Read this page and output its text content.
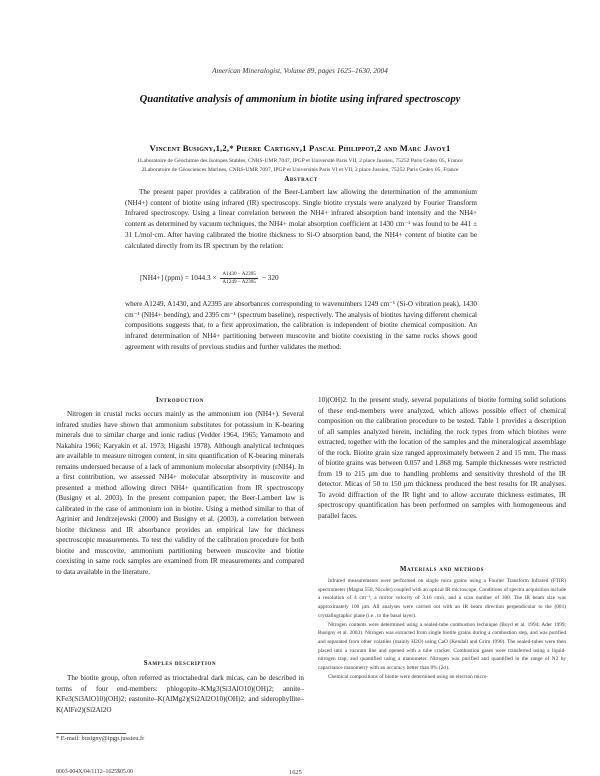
American Mineralogist, Volume 89, pages 1625–1630, 2004
Quantitative analysis of ammonium in biotite using infrared spectroscopy
Vincent Busigny,1,2,* Pierre Cartigny,1 Pascal Philippot,2 and Marc Javoy1
1Laboratoire de Géochimie des Isotopes Stables, CNRS-UMR 7047, IPGP et Université Paris VII, 2 place Jussieu, 75252 Paris Cedex 05, France
2Laboratoire de Géosciences Marines, CNRS-UMR 7097, IPGP et Universités Paris VI et VII, 2 place Jussieu, 75252 Paris Cedex 05, France
Abstract

The present paper provides a calibration of the Beer-Lambert law allowing the determination of the ammonium (NH4+) content of biotite using infrared (IR) spectroscopy. Single biotite crystals were analyzed by Fourier Transform Infrared spectroscopy. Using a linear correlation between the NH4+ infrared absorption band intensity and the NH4+ content as determined by vacuum techniques, the NH4+ molar absorption coefficient at 1430 cm⁻¹ was found to be 441 ± 31 L/mol·cm. After having calibrated the biotite thickness to Si-O absorption band, the NH4+ content of biotite can be calculated directly from its IR spectrum by the relation:

[NH4+] $(ppm) = 1044.3 \times \frac{A1430 - A2395}{A1249 - A2395} - 320$

where A1249, A1430, and A2395 are absorbances corresponding to wavenumbers 1249 cm⁻¹ (Si-O vibration peak), 1430 cm⁻¹ (NH4+ bending), and 2395 cm⁻¹ (spectrum baseline), respectively. The analysis of biotites having different chemical compositions suggests that, to a first approximation, the calibration is independent of biotite chemical composition. An infrared determination of NH4+ partitioning between muscovite and biotite coexisting in the same rocks shows good agreement with results of previous studies and further validates the method.

Introduction

Nitrogen in crustal rocks occurs mainly as the ammonium ion (NH4+). Several infrared studies have shown that ammonium substitutes for potassium in K-bearing minerals due to similar charge and ionic radius (Vedder 1964, 1965; Yamamoto and Nakahira 1966; Karyakin et al. 1973; Higashi 1978). Although analytical techniques are available to measure nitrogen content, in situ quantification of K-bearing minerals remains undersued because of a lack of ammonium molecular absorptivity (εNH4). In a first contribution, we assessed NH4+ molecular absorptivity in muscovite and presented a method allowing direct NH4+ quantification from IR spectroscopy (Busigny et al. 2003). In the present companion paper, the Beer-Lambert law is calibrated in the case of ammonium ion in biotite. Using a method similar to that of Agrinier and Jendrzejewski (2000) and Busigny et al. (2003), a correlation between biotite thickness and IR absorbance provides an empirical law for thickness spectroscopic measurements. To test the validity of the calibration procedure for both biotite and muscovite, ammonium partitioning between muscovite and biotite coexisting in same rock samples are examined from IR measurements and compared to data available in the literature.

Samples description

The biotite group, often referred as trioctahedral dark micas, can be described in terms of four end-members: phlogopite–KMg3(Si3AlO10)(OH)2; annite–KFe3(Si3AlO10)(OH)2; eastonite–K(AlMg2)(Si2Al2O10)(OH)2; and siderophyllite–K(AlFe2)(Si2Al2O

10)(OH)2. In the present study, several populations of biotite forming solid solutions of these end-members were analyzed, which allows possible effect of chemical composition on the calibration procedure to be tested. Table 1 provides a description of all samples analyzed herein, including the rock types from which biotites were extracted, together with the location of the samples and the mineralogical assemblage of the rock. Biotite grain size ranged approximately between 2 and 15 mm. The mass of biotite grains was between 0.057 and 1.868 mg. Sample thicknesses were restricted from 19 to 215 μm due to handling problems and sensitivity threshold of the IR detector. Micas of 50 to 150 μm thickness produced the best results for IR analyses. To avoid diffraction of the IR light and to allow accurate thickness estimates, IR spectroscopy quantification has been performed on samples with homogeneous and parallel faces.

Materials and methods

Infrared measurements were performed on single mica grains using a Fourier Transform Infrared (FTIR) spectrometer (Magna 550, Nicolet) coupled with an optical IR microscope. Conditions of spectra acquisition include a resolution of 4 cm⁻¹, a mirror velocity of 3.16 cm/s, and a scan number of 300. The IR beam size was approximately 100 μm. All analyses were carried out with an IR beam direction perpendicular to the (001) crystallographic plane (i.e., to the basal layer).

Nitrogen contents were determined using a sealed-tube combustion technique (Boyd et al. 1994; Ader 1999; Busigny et al. 2003). Nitrogen was extracted from single biotite grains during a combustion step, and was purified and separated from other volatiles (mainly H2O) using CaO (Kendall and Grim 1990). The sealed-tubes were then placed into a vacuum line and opened with a tube cracker. Combustion gases were transferred using a liquid-nitrogen trap, and quantified using a manometer. Nitrogen was purified and quantified in the range of N2 by capacitance manometry with an accuracy better than 8% (2σ).

Chemical compositions of biotite were determined using an electron micro-

* E-mail: busigny@ipgp.jussieu.fr
0003-004X/04/1112–1625$05.00	1625
